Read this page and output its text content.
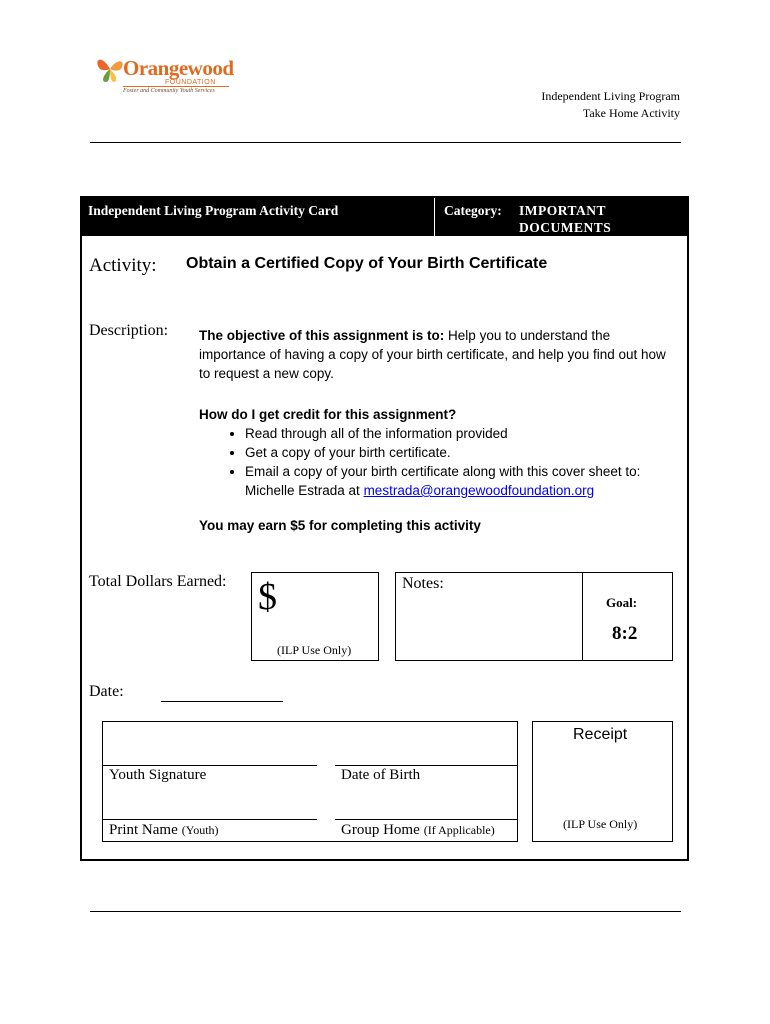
Orangewood
FOUNDATION
Foster and Community Youth Services	Independent Living Program
Take Home Activity
Independent Living Program Activity Card	Category: IMPORTANT DOCUMENTS
Activity: Obtain a Certified Copy of Your Birth Certificate
Description: The objective of this assignment is to: Help you to understand the importance of having a copy of your birth certificate, and help you find out how to request a new copy.
How do I get credit for this assignment?
• Read through all of the information provided
• Get a copy of your birth certificate.
• Email a copy of your birth certificate along with this cover sheet to: Michelle Estrada at mestrada@orangewoodfoundation.org
You may earn $5 for completing this activity
Total Dollars Earned: $
(ILP Use Only)
Notes:
Goal:
8:2
Date:
Youth Signature	Date of Birth
Print Name (Youth)	Group Home (If Applicable)
Receipt
(ILP Use Only)
